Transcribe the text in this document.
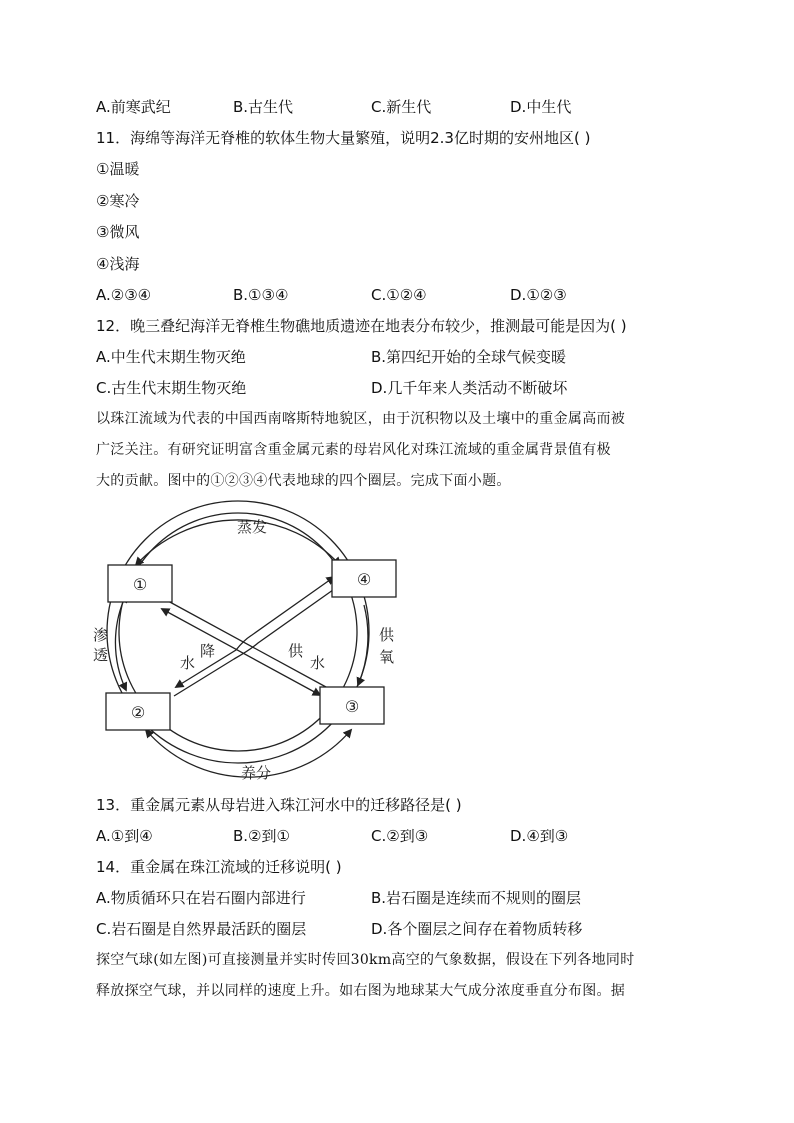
A.前寒武纪	B.古生代	C.新生代	D.中生代
11．海绵等海洋无脊椎的软体生物大量繁殖，说明2.3亿时期的安州地区( )
①温暖
②寒冷
③微风
④浅海
A.②③④	B.①③④	C.①②④	D.①②③
12．晚三叠纪海洋无脊椎生物礁地质遗迹在地表分布较少，推测最可能是因为( )
A.中生代末期生物灭绝	B.第四纪开始的全球气候变暖
C.古生代末期生物灭绝	D.几千年来人类活动不断破坏
以珠江流域为代表的中国西南喀斯特地貌区，由于沉积物以及土壤中的重金属高而被
广泛关注。有研究证明富含重金属元素的母岩风化对珠江流域的重金属背景值有极
大的贡献。图中的①②③④代表地球的四个圈层。完成下面小题。
①
②	③
④
蒸发
渗
透	降
水
供
水
供
氧
养分
13．重金属元素从母岩进入珠江河水中的迁移路径是( )
A.①到④	B.②到①	C.②到③	D.④到③
14．重金属在珠江流域的迁移说明( )
A.物质循环只在岩石圈内部进行	B.岩石圈是连续而不规则的圈层
C.岩石圈是自然界最活跃的圈层	D.各个圈层之间存在着物质转移
探空气球(如左图)可直接测量并实时传回30km高空的气象数据，假设在下列各地同时
释放探空气球，并以同样的速度上升。如右图为地球某大气成分浓度垂直分布图。据
